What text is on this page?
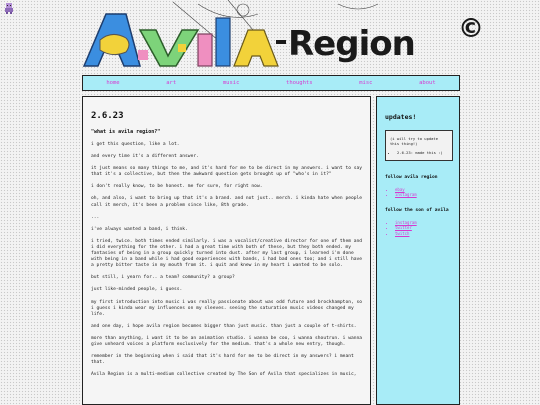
Region ©
home	art	music	thoughts	misc	about
2.6.23
"what is avila region?"

i get this question, like a lot.

and every time it's a different answer.

it just means so many things to me, and it's hard for me to be direct in my answers. i want to say that it's a collective, but then the awkward question gets brought up of "who's in it?"

i don't really know, to be honest. me for sure, for right now.

oh, and also, i want to bring up that it's a brand. and not just.. merch. i kinda hate when people call it merch, it's been a problem since like, 8th grade.

...

i've always wanted a band, i think.

i tried, twice. both times ended similarly. i was a vocalist/creative director for one of them and i did everything for the other. i had a great time with both of these, but they both ended. my fantasies of being in a group quickly turned into dust. after my last group, i learned i'm done with being in a band while i had good experiences with bands, i had bad ones too; and i still have a pretty bitter taste in my mouth from it. i quit and knew in my heart i wanted to be solo.

but still, i yearn for.. a team? community? a group?

just like-minded people, i guess.

my first introduction into music i was really passionate about was odd future and brockhampton, so i guess i kinda wear my influences on my sleeves. seeing the saturation music videos changed my life.

and one day, i hope avila region becomes bigger than just music. than just a couple of t-shirts.

more than anything, i want it to be an animation studio. i wanna be coo, i wanna shoutrun. i wanna give unheard voices a platform exclusively for the medium. that's a whole new entry, though.

remember in the beginning when i said that it's hard for me to be direct in my answers? i meant that.

Avila Region is a multi-medium collective created by The Son of Avila that specializes in music,

updates!
(i will try to update this thing!)
• 2.6.23: made this :)
follow avila region
• ebay
• instagram
follow the son of avila
• instagram
• twitter
• twitch
